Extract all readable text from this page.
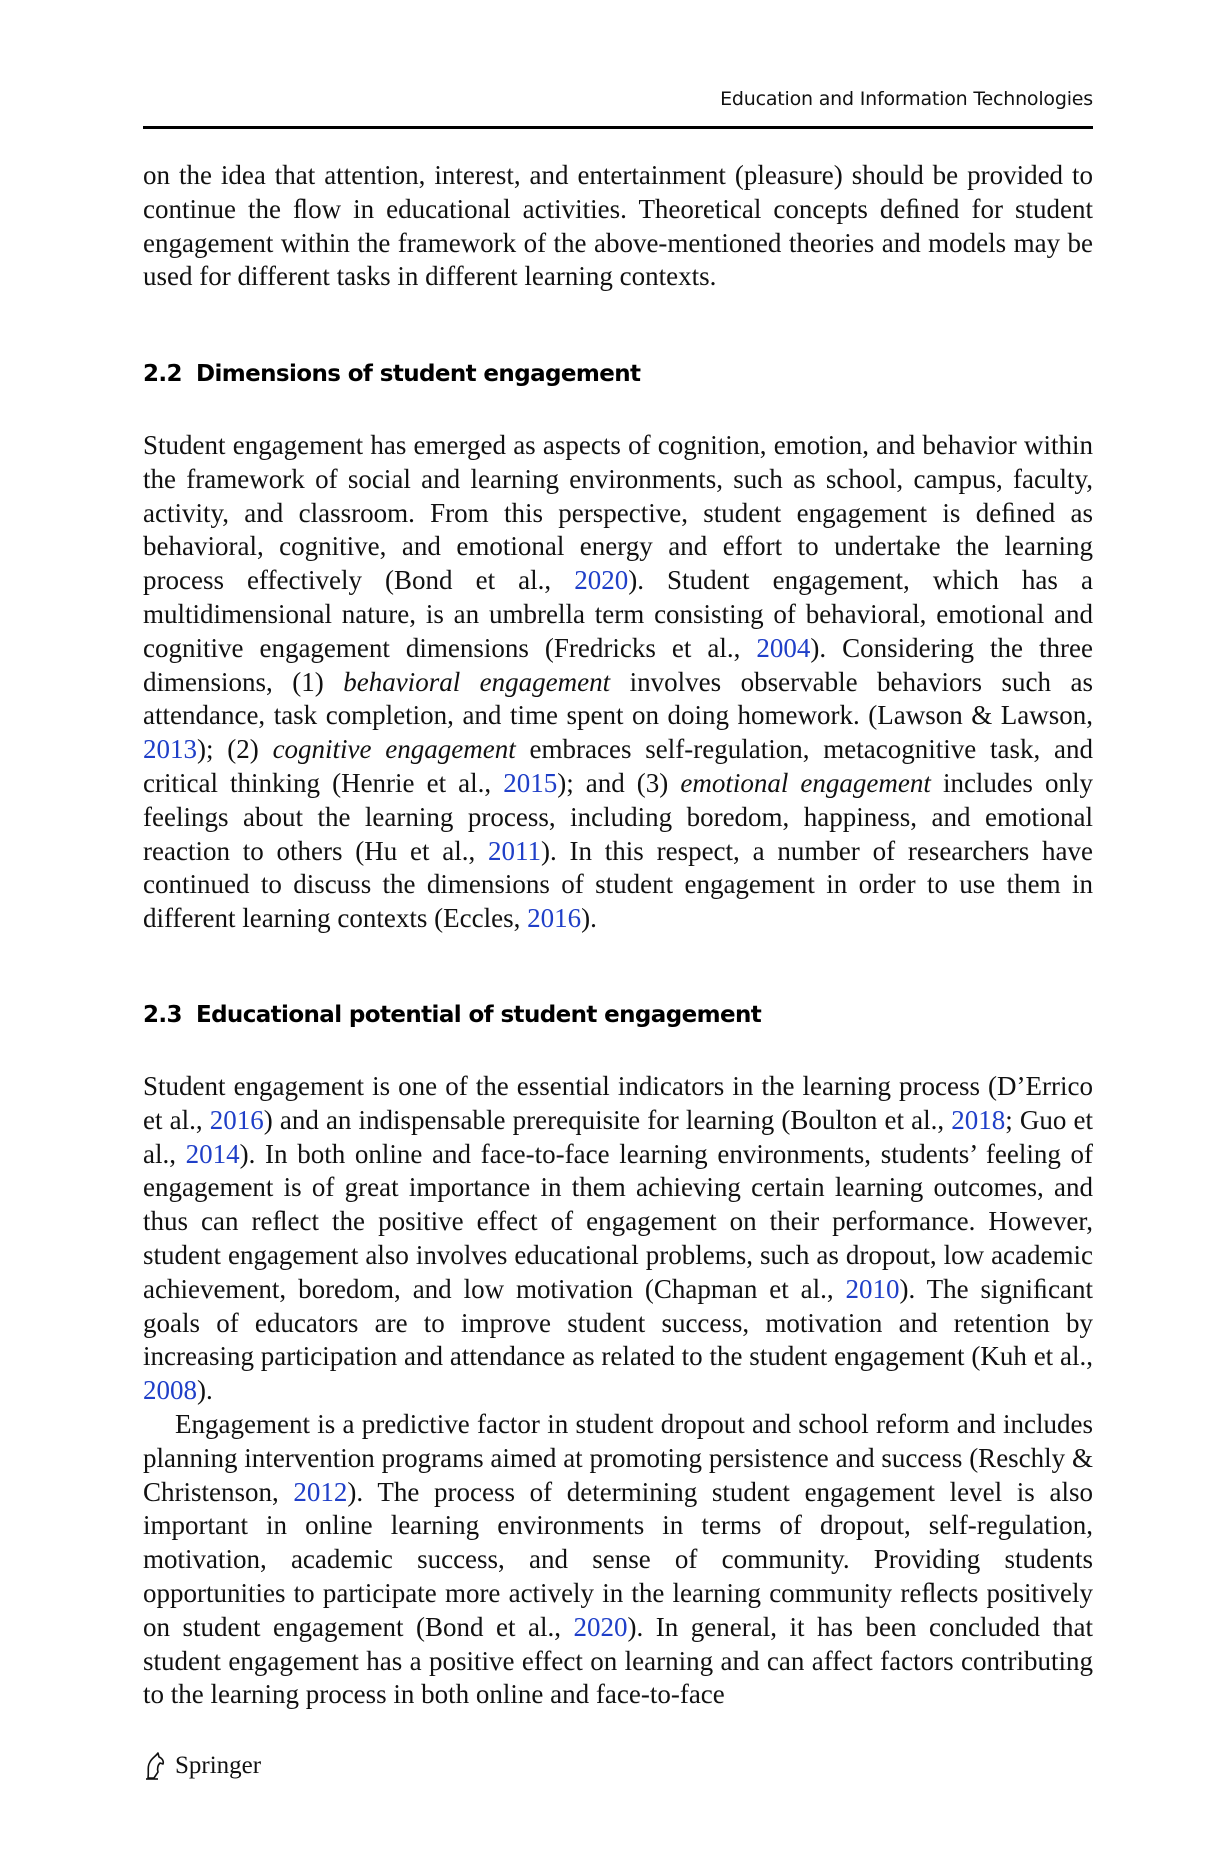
Education and Information Technologies

on the idea that attention, interest, and entertainment (pleasure) should be provided to continue the ﬂow in educational activities. Theoretical concepts deﬁned for student engagement within the framework of the above-mentioned theories and models may be used for different tasks in different learning contexts.

2.2 Dimensions of student engagement

Student engagement has emerged as aspects of cognition, emotion, and behavior within the framework of social and learning environments, such as school, campus, faculty, activity, and classroom. From this perspective, student engagement is deﬁned as behavioral, cognitive, and emotional energy and effort to undertake the learning process effectively (Bond et al., 2020). Student engagement, which has a multidimensional nature, is an umbrella term consisting of behavioral, emotional and cognitive engagement dimensions (Fredricks et al., 2004). Considering the three dimensions, (1) behavioral engagement involves observable behaviors such as attendance, task completion, and time spent on doing homework. (Lawson & Lawson, 2013); (2) cognitive engagement embraces self-regulation, metacognitive task, and critical thinking (Henrie et al., 2015); and (3) emotional engagement includes only feelings about the learning process, including boredom, happiness, and emotional reaction to others (Hu et al., 2011). In this respect, a number of researchers have continued to discuss the dimensions of student engagement in order to use them in different learning contexts (Eccles, 2016).

2.3 Educational potential of student engagement

Student engagement is one of the essential indicators in the learning process (D’Errico et al., 2016) and an indispensable prerequisite for learning (Boulton et al., 2018; Guo et al., 2014). In both online and face-to-face learning environments, students’ feeling of engagement is of great importance in them achieving certain learning outcomes, and thus can reﬂect the positive effect of engagement on their performance. However, student engagement also involves educational problems, such as dropout, low academic achievement, boredom, and low motivation (Chapman et al., 2010). The signiﬁcant goals of educators are to improve student success, motivation and retention by increasing participation and attendance as related to the student engagement (Kuh et al., 2008).

Engagement is a predictive factor in student dropout and school reform and includes planning intervention programs aimed at promoting persistence and success (Reschly & Christenson, 2012). The process of determining student engagement level is also important in online learning environments in terms of dropout, self-regulation, motivation, academic success, and sense of community. Providing students opportunities to participate more actively in the learning community reﬂects positively on student engagement (Bond et al., 2020). In general, it has been concluded that student engagement has a positive effect on learning and can affect factors contributing to the learning process in both online and face-to-face

Springer
